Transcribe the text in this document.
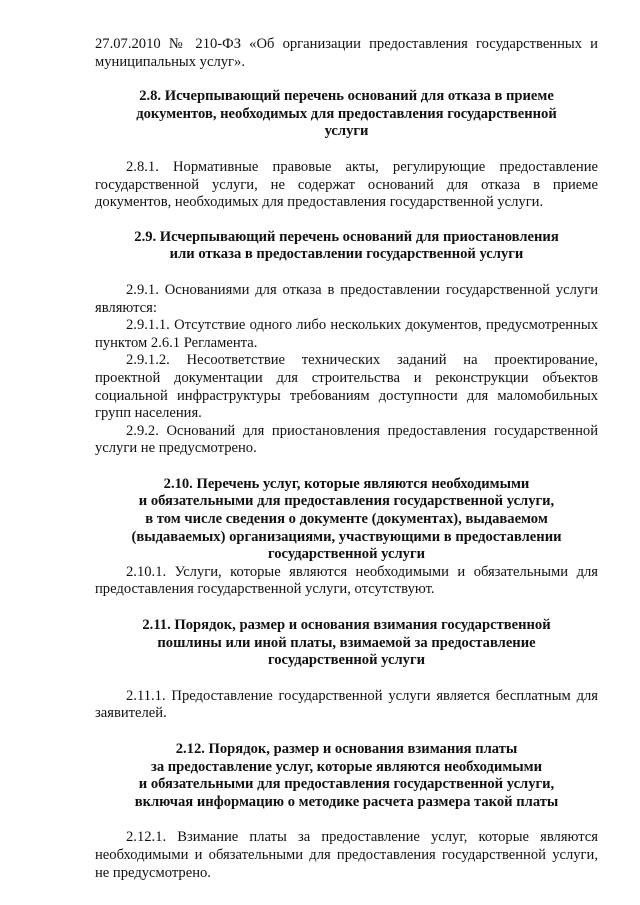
27.07.2010 № 210-ФЗ «Об организации предоставления государственных и муниципальных услуг».

2.8. Исчерпывающий перечень оснований для отказа в приеме
документов, необходимых для предоставления государственной
услуги

2.8.1. Нормативные правовые акты, регулирующие предоставление государственной услуги, не содержат оснований для отказа в приеме документов, необходимых для предоставления государственной услуги.

2.9. Исчерпывающий перечень оснований для приостановления
или отказа в предоставлении государственной услуги

2.9.1. Основаниями для отказа в предоставлении государственной услуги являются:

2.9.1.1. Отсутствие одного либо нескольких документов, предусмотренных пунктом 2.6.1 Регламента.

2.9.1.2. Несоответствие технических заданий на проектирование, проектной документации для строительства и реконструкции объектов социальной инфраструктуры требованиям доступности для маломобильных групп населения.

2.9.2. Оснований для приостановления предоставления государственной услуги не предусмотрено.

2.10. Перечень услуг, которые являются необходимыми
и обязательными для предоставления государственной услуги,
в том числе сведения о документе (документах), выдаваемом
(выдаваемых) организациями, участвующими в предоставлении
государственной услуги

2.10.1. Услуги, которые являются необходимыми и обязательными для предоставления государственной услуги, отсутствуют.

2.11. Порядок, размер и основания взимания государственной
пошлины или иной платы, взимаемой за предоставление
государственной услуги

2.11.1. Предоставление государственной услуги является бесплатным для заявителей.

2.12. Порядок, размер и основания взимания платы
за предоставление услуг, которые являются необходимыми
и обязательными для предоставления государственной услуги,
включая информацию о методике расчета размера такой платы

2.12.1. Взимание платы за предоставление услуг, которые являются необходимыми и обязательными для предоставления государственной услуги, не предусмотрено.
